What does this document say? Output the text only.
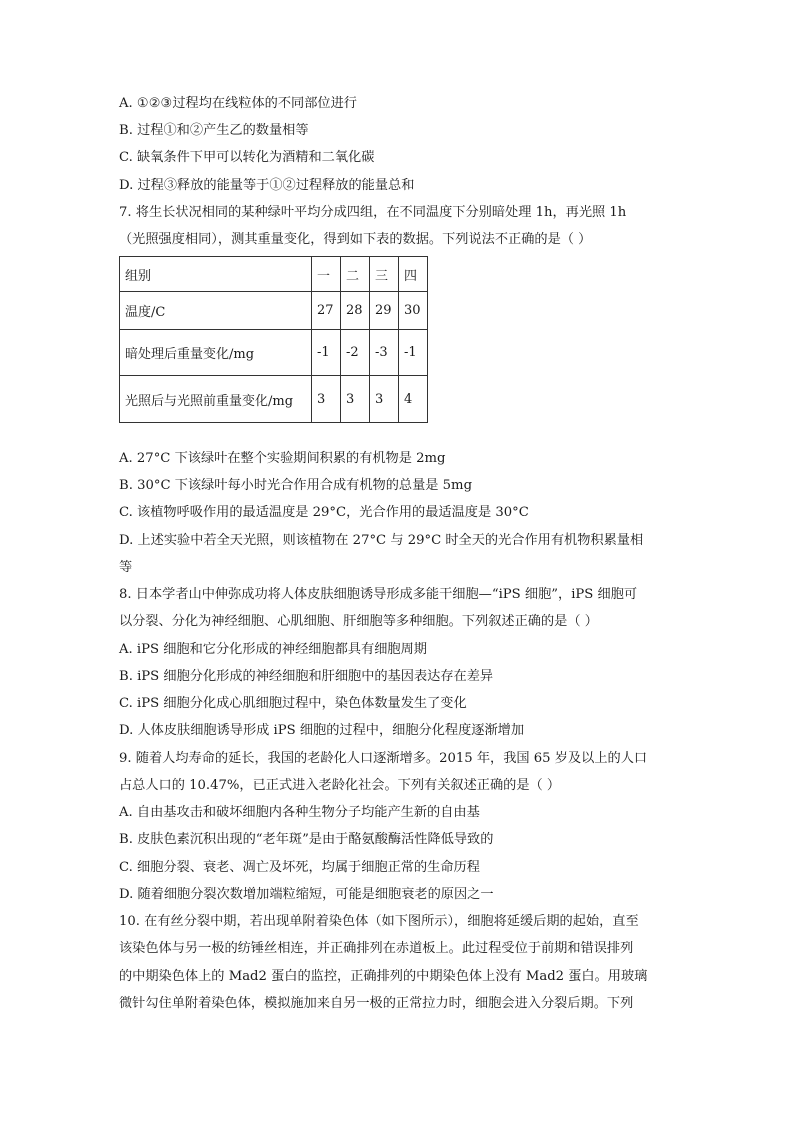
A. ①②③过程均在线粒体的不同部位进行
B. 过程①和②产生乙的数量相等
C. 缺氧条件下甲可以转化为酒精和二氧化碳
D. 过程③释放的能量等于①②过程释放的能量总和
7. 将生长状况相同的某种绿叶平均分成四组，在不同温度下分别暗处理 1h，再光照 1h
（光照强度相同），测其重量变化，得到如下表的数据。下列说法不正确的是（ ）
组别	一	二	三	四
温度/C	27	28	29	30
暗处理后重量变化/mg	-1	-2	-3	-1
光照后与光照前重量变化/mg	3	3	3	4
A. 27°C 下该绿叶在整个实验期间积累的有机物是 2mg
B. 30°C 下该绿叶每小时光合作用合成有机物的总量是 5mg
C. 该植物呼吸作用的最适温度是 29°C，光合作用的最适温度是 30°C
D. 上述实验中若全天光照，则该植物在 27°C 与 29°C 时全天的光合作用有机物积累量相
等
8. 日本学者山中伸弥成功将人体皮肤细胞诱导形成多能干细胞—“iPS 细胞”，iPS 细胞可
以分裂、分化为神经细胞、心肌细胞、肝细胞等多种细胞。下列叙述正确的是（ ）
A. iPS 细胞和它分化形成的神经细胞都具有细胞周期
B. iPS 细胞分化形成的神经细胞和肝细胞中的基因表达存在差异
C. iPS 细胞分化成心肌细胞过程中，染色体数量发生了变化
D. 人体皮肤细胞诱导形成 iPS 细胞的过程中，细胞分化程度逐渐增加
9. 随着人均寿命的延长，我国的老龄化人口逐渐增多。2015 年，我国 65 岁及以上的人口
占总人口的 10.47%，已正式进入老龄化社会。下列有关叙述正确的是（ ）
A. 自由基攻击和破坏细胞内各种生物分子均能产生新的自由基
B. 皮肤色素沉积出现的“老年斑”是由于酪氨酸酶活性降低导致的
C. 细胞分裂、衰老、凋亡及坏死，均属于细胞正常的生命历程
D. 随着细胞分裂次数增加端粒缩短，可能是细胞衰老的原因之一
10. 在有丝分裂中期，若出现单附着染色体（如下图所示），细胞将延缓后期的起始，直至
该染色体与另一极的纺锤丝相连，并正确排列在赤道板上。此过程受位于前期和错误排列
的中期染色体上的 Mad2 蛋白的监控，正确排列的中期染色体上没有 Mad2 蛋白。用玻璃
微针勾住单附着染色体，模拟施加来自另一极的正常拉力时，细胞会进入分裂后期。下列
